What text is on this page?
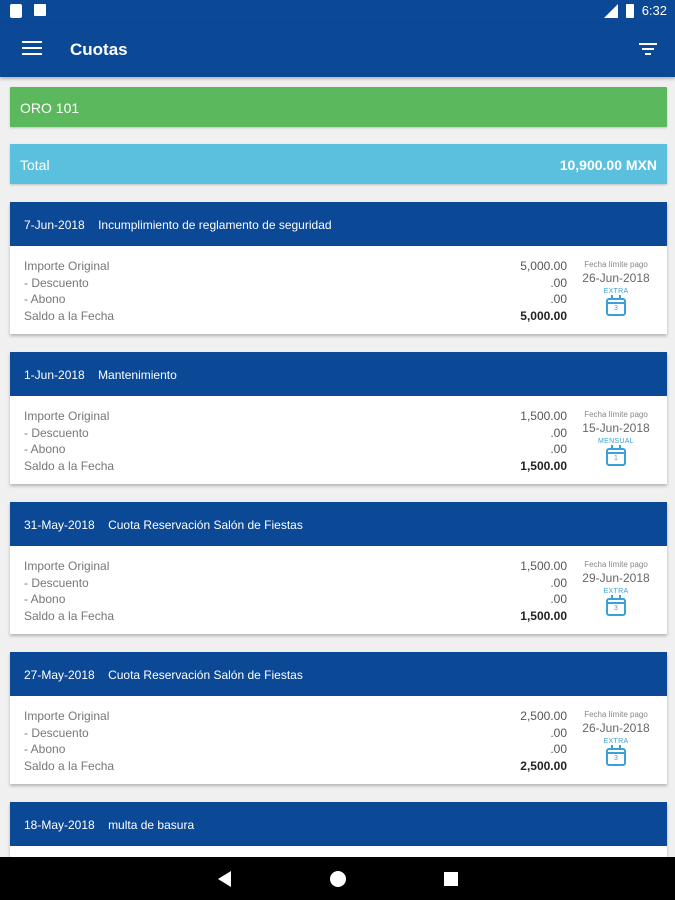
6:32
Cuotas
ORO 101
Total	10,900.00 MXN
7-Jun-2018 Incumplimiento de reglamento de seguridad
Importe Original
- Descuento
- Abono
Saldo a la Fecha
5,000.00
.00
.00
5,000.00
Fecha límite pago
26-Jun-2018
EXTRA
3
1-Jun-2018 Mantenimiento
Importe Original
- Descuento
- Abono
Saldo a la Fecha
1,500.00
.00
.00
1,500.00
Fecha límite pago
15-Jun-2018
MENSUAL
1
31-May-2018 Cuota Reservación Salón de Fiestas
Importe Original
- Descuento
- Abono
Saldo a la Fecha
1,500.00
.00
.00
1,500.00
Fecha límite pago
29-Jun-2018
EXTRA
3
27-May-2018 Cuota Reservación Salón de Fiestas
Importe Original
- Descuento
- Abono
Saldo a la Fecha
2,500.00
.00
.00
2,500.00
Fecha límite pago
26-Jun-2018
EXTRA
3
18-May-2018 multa de basura
